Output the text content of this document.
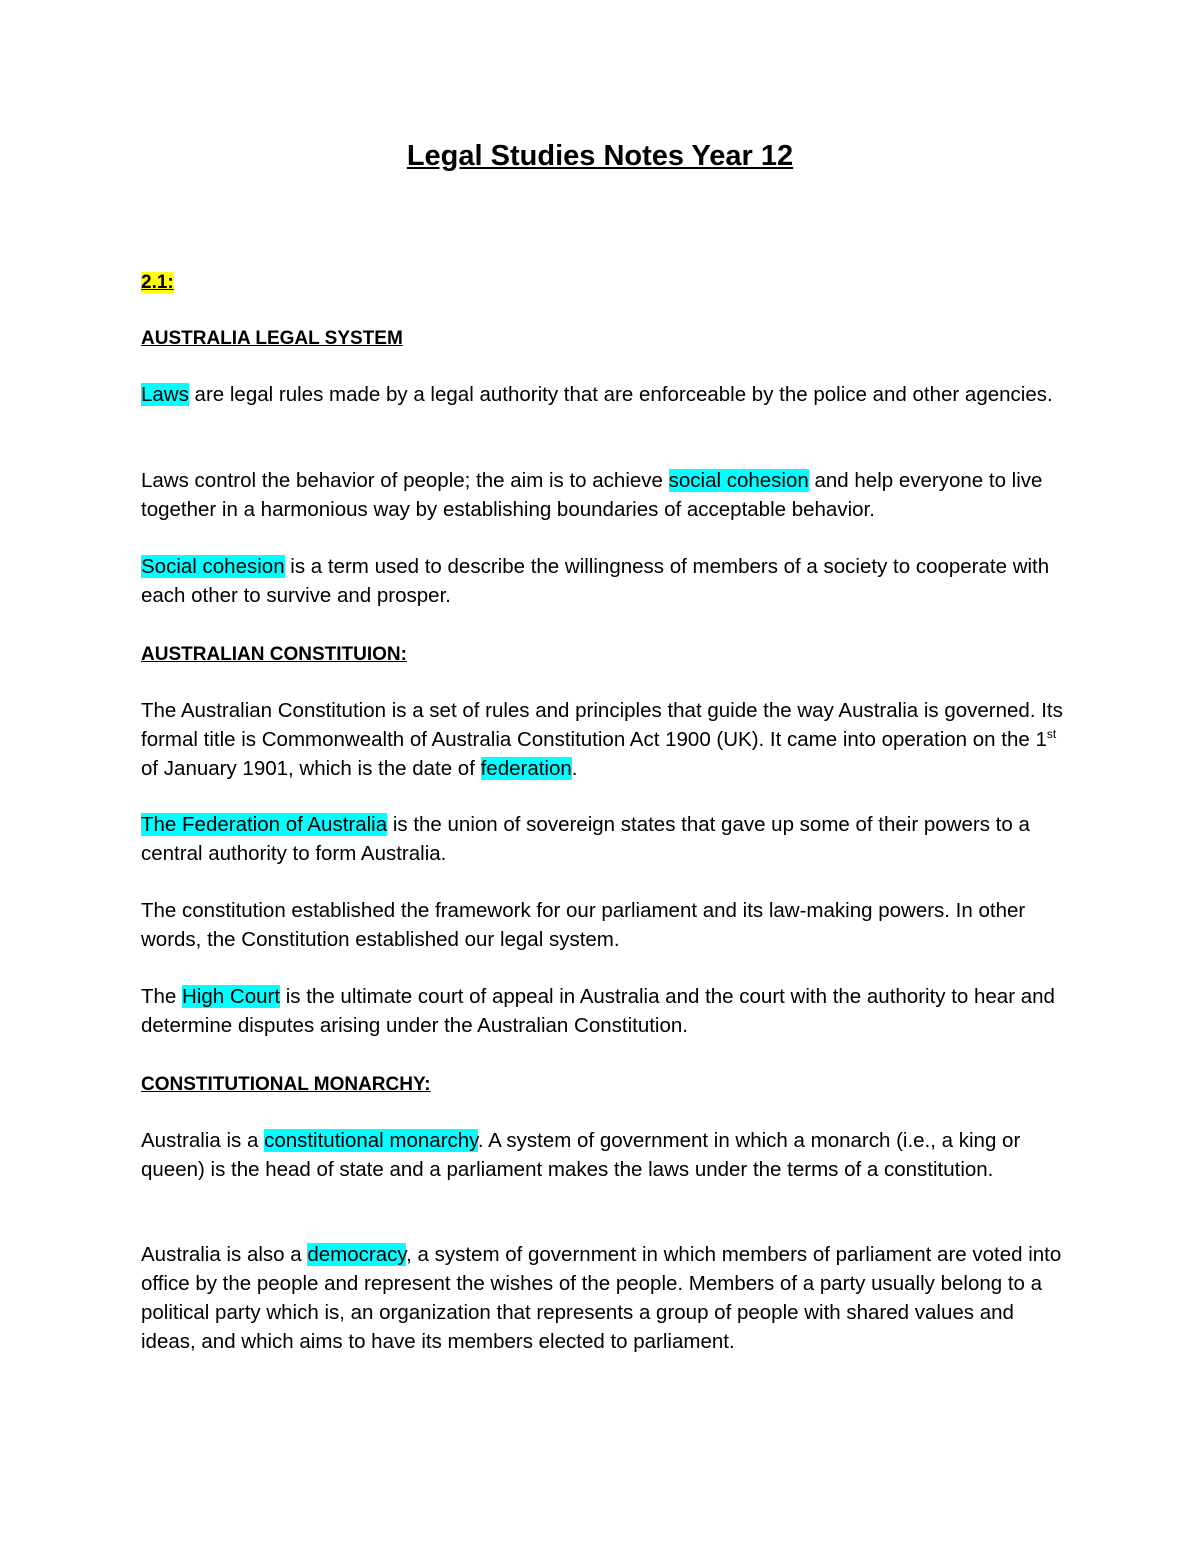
Legal Studies Notes Year 12

2.1:

AUSTRALIA LEGAL SYSTEM

Laws are legal rules made by a legal authority that are enforceable by the police and other agencies.

Laws control the behavior of people; the aim is to achieve social cohesion and help everyone to live together in a harmonious way by establishing boundaries of acceptable behavior.

Social cohesion is a term used to describe the willingness of members of a society to cooperate with each other to survive and prosper.

AUSTRALIAN CONSTITUION:

The Australian Constitution is a set of rules and principles that guide the way Australia is governed. Its formal title is Commonwealth of Australia Constitution Act 1900 (UK). It came into operation on the 1st of January 1901, which is the date of federation.

The Federation of Australia is the union of sovereign states that gave up some of their powers to a central authority to form Australia.

The constitution established the framework for our parliament and its law-making powers. In other words, the Constitution established our legal system.

The High Court is the ultimate court of appeal in Australia and the court with the authority to hear and determine disputes arising under the Australian Constitution.

CONSTITUTIONAL MONARCHY:

Australia is a constitutional monarchy. A system of government in which a monarch (i.e., a king or queen) is the head of state and a parliament makes the laws under the terms of a constitution.

Australia is also a democracy, a system of government in which members of parliament are voted into office by the people and represent the wishes of the people. Members of a party usually belong to a political party which is, an organization that represents a group of people with shared values and ideas, and which aims to have its members elected to parliament.
